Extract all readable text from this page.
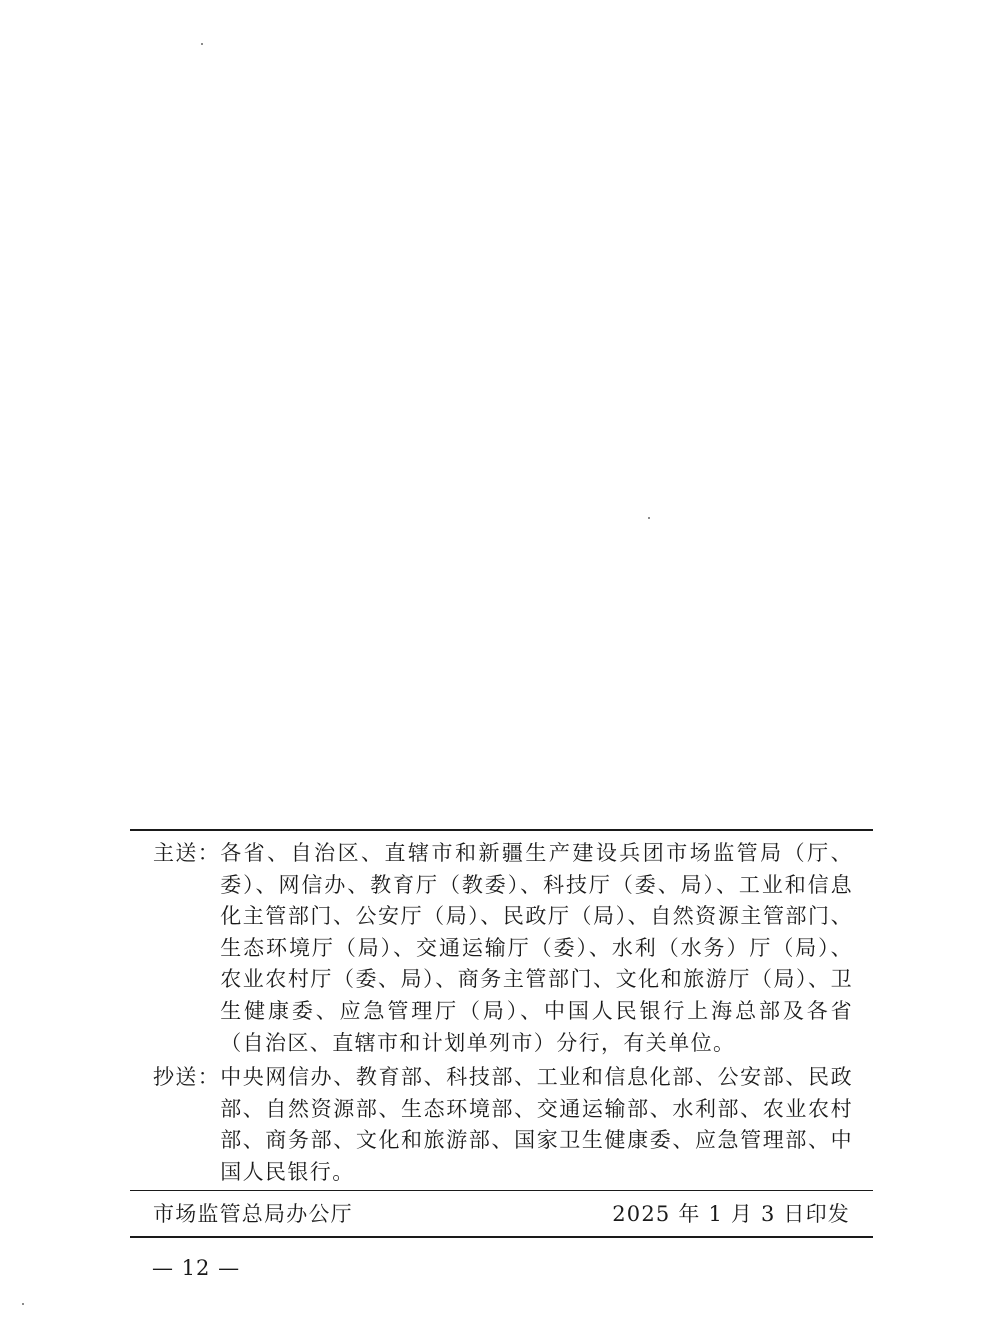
主送： 各省、自治区、直辖市和新疆生产建设兵团市场监管局（厅、委）、网信办、教育厅（教委）、科技厅（委、局）、工业和信息化主管部门、公安厅（局）、民政厅（局）、自然资源主管部门、生态环境厅（局）、交通运输厅（委）、水利（水务）厅（局）、农业农村厅（委、局）、商务主管部门、文化和旅游厅（局）、卫生健康委、应急管理厅（局）、中国人民银行上海总部及各省（自治区、直辖市和计划单列市）分行，有关单位。
抄送： 中央网信办、教育部、科技部、工业和信息化部、公安部、民政部、自然资源部、生态环境部、交通运输部、水利部、农业农村部、商务部、文化和旅游部、国家卫生健康委、应急管理部、中国人民银行。
市场监管总局办公厅	2025 年 1 月 3 日印发
— 12 —
